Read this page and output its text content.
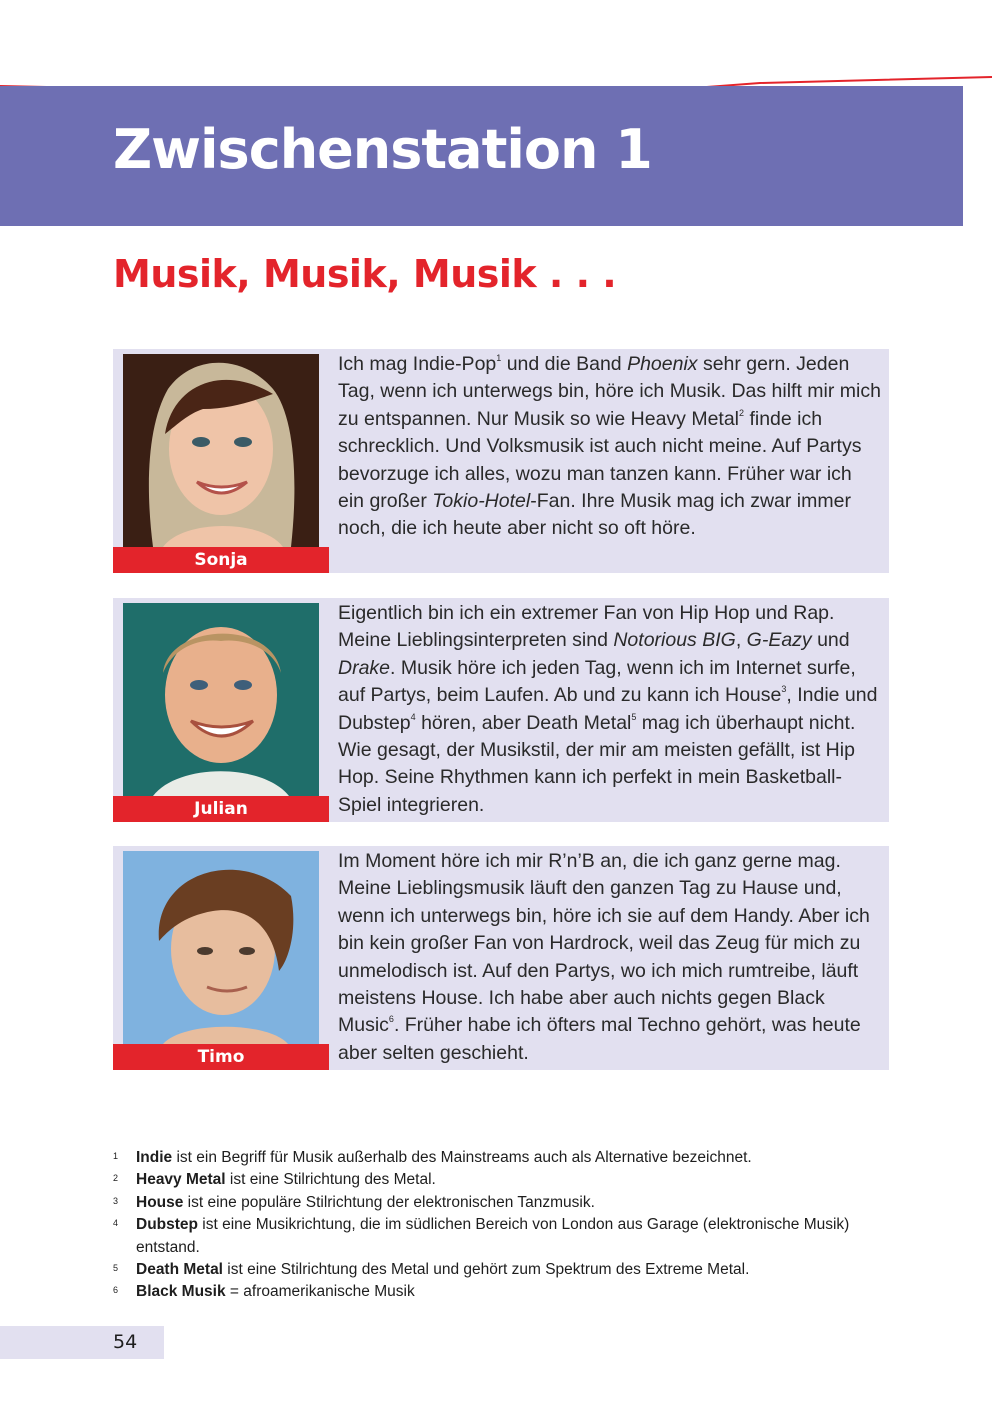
Zwischenstation 1
Musik, Musik, Musik . . .
Sonja

Ich mag Indie-Pop$^1$ und die Band Phoenix sehr gern. Jeden Tag, wenn ich unterwegs bin, höre ich Musik. Das hilft mir mich zu entspannen. Nur Musik so wie Heavy Metal$^2$ finde ich schrecklich. Und Volksmusik ist auch nicht meine. Auf Partys bevorzuge ich alles, wozu man tanzen kann. Früher war ich ein großer Tokio-Hotel-Fan. Ihre Musik mag ich zwar immer noch, die ich heute aber nicht so oft höre.

Julian

Eigentlich bin ich ein extremer Fan von Hip Hop und Rap. Meine Lieblingsinterpreten sind Notorious BIG, G-Eazy und Drake. Musik höre ich jeden Tag, wenn ich im Internet surfe, auf Partys, beim Laufen. Ab und zu kann ich House$^3$, Indie und Dubstep$^4$ hören, aber Death Metal$^5$ mag ich überhaupt nicht. Wie gesagt, der Musikstil, der mir am meisten gefällt, ist Hip Hop. Seine Rhythmen kann ich perfekt in mein Basketball-Spiel integrieren.

Timo

Im Moment höre ich mir R’n’B an, die ich ganz gerne mag. Meine Lieblingsmusik läuft den ganzen Tag zu Hause und, wenn ich unterwegs bin, höre ich sie auf dem Handy. Aber ich bin kein großer Fan von Hardrock, weil das Zeug für mich zu unmelodisch ist. Auf den Partys, wo ich mich rumtreibe, läuft meistens House. Ich habe aber auch nichts gegen Black Music$^6$. Früher habe ich öfters mal Techno gehört, was heute aber selten geschieht.

1 Indie ist ein Begriff für Musik außerhalb des Mainstreams auch als Alternative bezeichnet.
2 Heavy Metal ist eine Stilrichtung des Metal.
3 House ist eine populäre Stilrichtung der elektronischen Tanzmusik.
4 Dubstep ist eine Musikrichtung, die im südlichen Bereich von London aus Garage (elektronische Musik) entstand.
5 Death Metal ist eine Stilrichtung des Metal und gehört zum Spektrum des Extreme Metal.
6 Black Musik = afroamerikanische Musik
54
